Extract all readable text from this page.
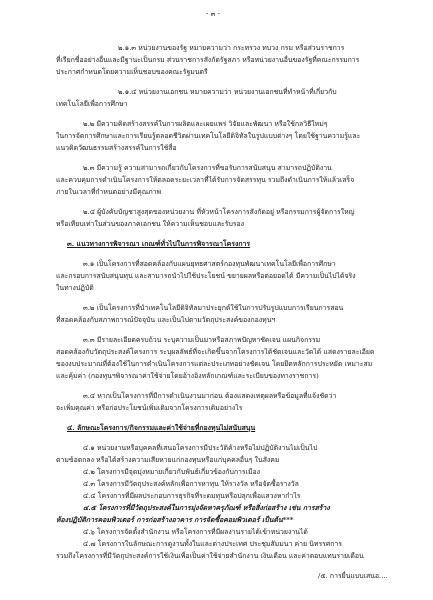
- ๓ -
๒.๑.๓ หน่วยงานของรัฐ หมายความว่า กระทรวง ทบวง กรม หรือส่วนราชการ
ที่เรียกชื่ออย่างอื่นและมีฐานะเป็นกรม ส่วนราชการสังกัดรัฐสภา หรือหน่วยงานอื่นของรัฐที่คณะกรรมการ
ประกาศกำหนดโดยความเห็นชอบของคณะรัฐมนตรี
๒.๑.๔ หน่วยงานเอกชน หมายความว่า หน่วยงานเอกชนที่ทำหน้าที่เกี่ยวกับ
เทคโนโลยีเพื่อการศึกษา
๒.๒ มีความคิดสร้างสรรค์ในการผลิตและเผยแพร่ วิจัยและพัฒนา หรือใช้กลวิธีใหม่ๆ
ในการจัดการศึกษาและการเรียนรู้ตลอดชีวิตผ่านเทคโนโลยีดิจิทัลในรูปแบบต่างๆ โดยใช้ฐานความรู้และ
แนวคิดวัฒนธรรมสร้างสรรค์ในการใช้สื่อ
๒.๓ มีความรู้ ความสามารถเกี่ยวกับโครงการที่ขอรับการสนับสนุน สามารถปฏิบัติงาน
และควบคุมการดำเนินโครงการให้ตลอดระยะเวลาที่ได้รับการจัดสรรทุน รวมถึงดำเนินการให้แล้วเสร็จ
ภายในเวลาที่กำหนดอย่างมีคุณภาพ
๒.๔ ผู้บังคับบัญชาสูงสุดของหน่วยงาน ที่หัวหน้าโครงการสังกัดอยู่ หรือกรรมการผู้จัดการใหญ่
หรือเทียบเท่าในส่วนของภาคเอกชน ให้ความเห็นชอบและรับรอง
๓. แนวทางการพิจารณา เกณฑ์ทั่วไปในการพิจารณาโครงการ
๓.๑ เป็นโครงการที่สอดคล้องกับแผนยุทธศาสตร์กองทุนพัฒนาเทคโนโลยีเพื่อการศึกษา
และกรอบการสนับสนุนทุน และสามารถนำไปใช้ประโยชน์ ขยายผลหรือต่อยอดได้ มีความเป็นไปได้จริง
ในทางปฏิบัติ
๓.๒ เป็นโครงการที่นำเทคโนโลยีดิจิทัลมาประยุกต์ใช้ในการปรับรูปแบบการเรียนการสอน
ที่สอดคล้องกับสภาพการณ์ปัจจุบัน และเป็นไปตามวัตถุประสงค์ของกองทุนฯ
๓.๓ มีรายละเอียดครบถ้วน ระบุความเป็นมาหรือสภาพปัญหาชัดเจน แผนกิจกรรม
สอดคล้องกับวัตถุประสงค์โครงการ ระบุผลลัพธ์ที่จะเกิดขึ้นจากโครงการได้ชัดเจนและวัดได้ แสดงรายละเอียด
ของงบประมาณที่ต้องใช้ในการดำเนินโครงการแต่ละประเภทอย่างชัดเจน โดยยึดหลักการประหยัด เหมาะสม
และคุ้มค่า (กองทุนฯพิจารณาค่าใช้จ่ายโดยอ้างอิงหลักเกณฑ์และระเบียบของทางราชการ)
๓.๔ หากเป็นโครงการที่มีการดำเนินงานมาก่อน ต้องแสดงเหตุผลหรือข้อมูลที่แจ้งชัดว่า
จะเพิ่มคุณค่า หรือก่อประโยชน์เพิ่มเติมจากโครงการเดิมอย่างไร
๔. ลักษณะโครงการ/กิจกรรมและค่าใช้จ่ายที่กองทุนไม่สนับสนุน
๔.๑ หน่วยงานหรือบุคคลที่เสนอโครงการมีประวัติค้างหรือไม่ปฏิบัติงานไม่เป็นไป
ตามข้อตกลง หรือได้สร้างความเสียหายแก่กองทุนหรือแก่บุคคลอื่นๆ ในสังคม
๔.๒ โครงการมีจุดมุ่งหมายเกี่ยวกับพันธ์เกี่ยวข้องกับการเมือง
๔.๓ โครงการมีวัตถุประสงค์หลักเพื่อการหาทุน ให้รางวัล หรือจัดซื้อรางวัล
๔.๔ โครงการที่มีผลประกอบการธุรกิจที่ระดมทุนหรือปลุกเพื่อแสวงหากำไร
๔.๕ โครงการที่มีวัตถุประสงค์ในการมุ่งจัดหาครุภัณฑ์ หรือสิ่งก่อสร้าง เช่น การสร้าง
ห้องปฏิบัติการคอมพิวเตอร์ การก่อสร้างอาคาร การจัดซื้อคอมพิวเตอร์ เป็นต้น***
๔.๖ โครงการจัดตั้งสำนักงาน หรือโครงการที่มีผลงานรายได้เข้าหน่วยงานได้
๔.๗ โครงการในลักษณะการดูงานทั้งในและต่างประเทศ ประชุมสัมมนา ค่าย นิทรรศการ
รวมถึงโครงการที่มีวัตถุประสงค์การใช้เงินเพื่อเป็นค่าใช้จ่ายสำนักงาน เงินเดือน และค่าตอบแทนรายเดือน
/๕. การยื่นแบบเสนอ....
